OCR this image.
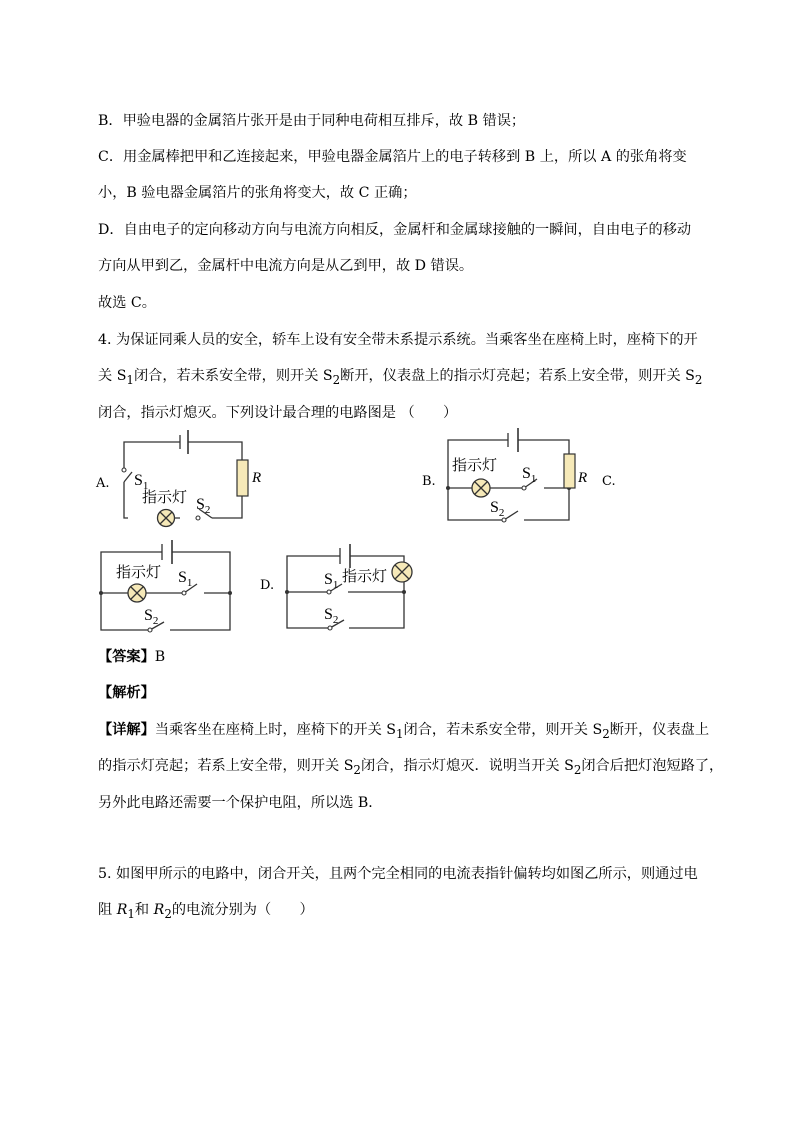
B．甲验电器的金属箔片张开是由于同种电荷相互排斥，故 B 错误；
C．用金属棒把甲和乙连接起来，甲验电器金属箔片上的电子转移到 B 上，所以 A 的张角将变
小，B 验电器金属箔片的张角将变大，故 C 正确；
D．自由电子的定向移动方向与电流方向相反，金属杆和金属球接触的一瞬间，自由电子的移动
方向从甲到乙，金属杆中电流方向是从乙到甲，故 D 错误。
故选 C。
4. 为保证同乘人员的安全，轿车上设有安全带未系提示系统。当乘客坐在座椅上时，座椅下的开
关 $S_1$闭合，若未系安全带，则开关 $S_2$断开，仪表盘上的指示灯亮起；若系上安全带，则开关 $S_2$
闭合，指示灯熄灭。下列设计最合理的电路图是 （　　）
$S_1$	R
指示灯 $S_2$
A.
指示灯 $S_1$	R
$S_2$
B.	C.
指示灯 $S_1$
$S_2$
指示灯
$S_1$
$S_2$
D.
【答案】B
【解析】
【详解】当乘客坐在座椅上时，座椅下的开关 $S_1$闭合，若未系安全带，则开关 $S_2$断开，仪表盘上
的指示灯亮起；若系上安全带，则开关 $S_2$闭合，指示灯熄灭．说明当开关 $S_2$闭合后把灯泡短路了，
另外此电路还需要一个保护电阻，所以选 B．
5. 如图甲所示的电路中，闭合开关，且两个完全相同的电流表指针偏转均如图乙所示，则通过电
阻 $R_1$和 $R_2$的电流分别为（　　）
